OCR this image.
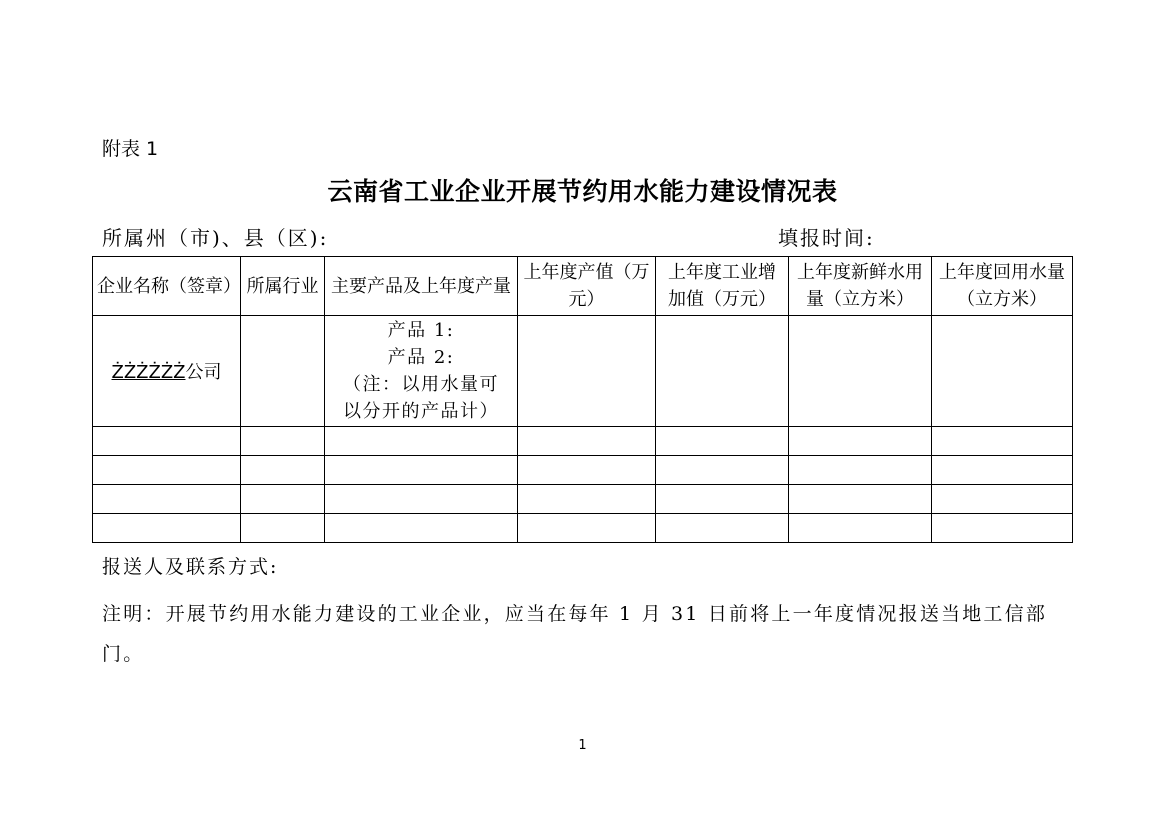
附表 1
云南省工业企业开展节约用水能力建设情况表
所属州（市)、县（区):	填报时间:
企业名称（签章）	所属行业	主要产品及上年度产量	上年度产值（万元）	上年度工业增加值（万元）	上年度新鲜水用量（立方米）	上年度回用水量（立方米）

ŻŻŻŻŻŻ公司		产品 1:
产品 2:
（注：以用水量可
以分开的产品计）				

报送人及联系方式:
注明：开展节约用水能力建设的工业企业，应当在每年 1 月 31 日前将上一年度情况报送当地工信部门。
1
